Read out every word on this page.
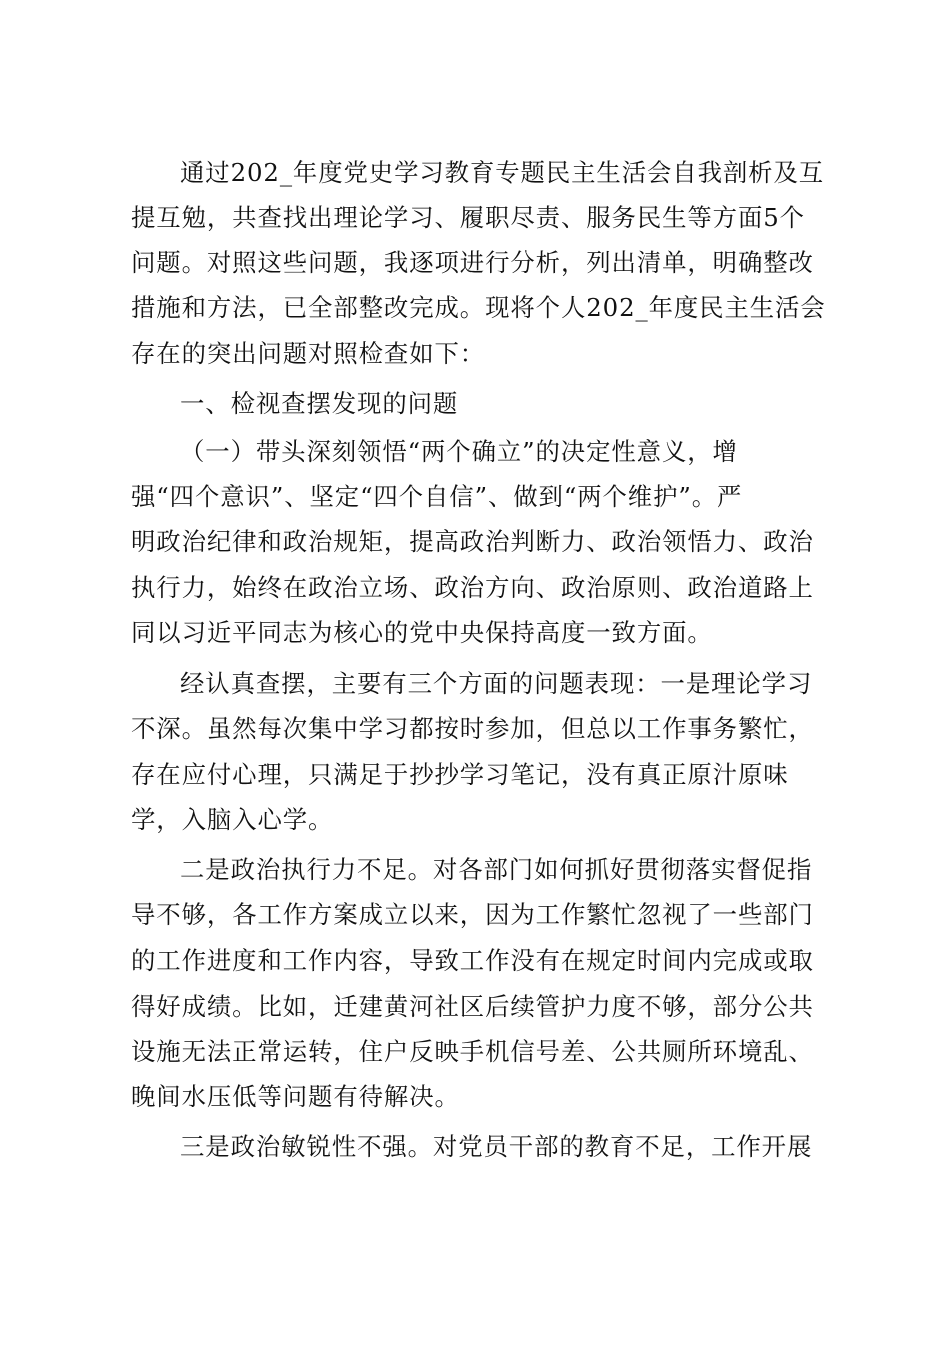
通过202_年度党史学习教育专题民主生活会自我剖析及互
提互勉，共查找出理论学习、履职尽责、服务民生等方面5个
问题。对照这些问题，我逐项进行分析，列出清单，明确整改
措施和方法，已全部整改完成。现将个人202_年度民主生活会
存在的突出问题对照检查如下：
一、检视查摆发现的问题
（一）带头深刻领悟“两个确立”的决定性意义，增
强“四个意识”、坚定“四个自信”、做到“两个维护”。严
明政治纪律和政治规矩，提高政治判断力、政治领悟力、政治
执行力，始终在政治立场、政治方向、政治原则、政治道路上
同以习近平同志为核心的党中央保持高度一致方面。
经认真查摆，主要有三个方面的问题表现：一是理论学习
不深。虽然每次集中学习都按时参加，但总以工作事务繁忙，
存在应付心理，只满足于抄抄学习笔记，没有真正原汁原味
学，入脑入心学。
二是政治执行力不足。对各部门如何抓好贯彻落实督促指
导不够，各工作方案成立以来，因为工作繁忙忽视了一些部门
的工作进度和工作内容，导致工作没有在规定时间内完成或取
得好成绩。比如，迁建黄河社区后续管护力度不够，部分公共
设施无法正常运转，住户反映手机信号差、公共厕所环境乱、
晚间水压低等问题有待解决。
三是政治敏锐性不强。对党员干部的教育不足，工作开展
